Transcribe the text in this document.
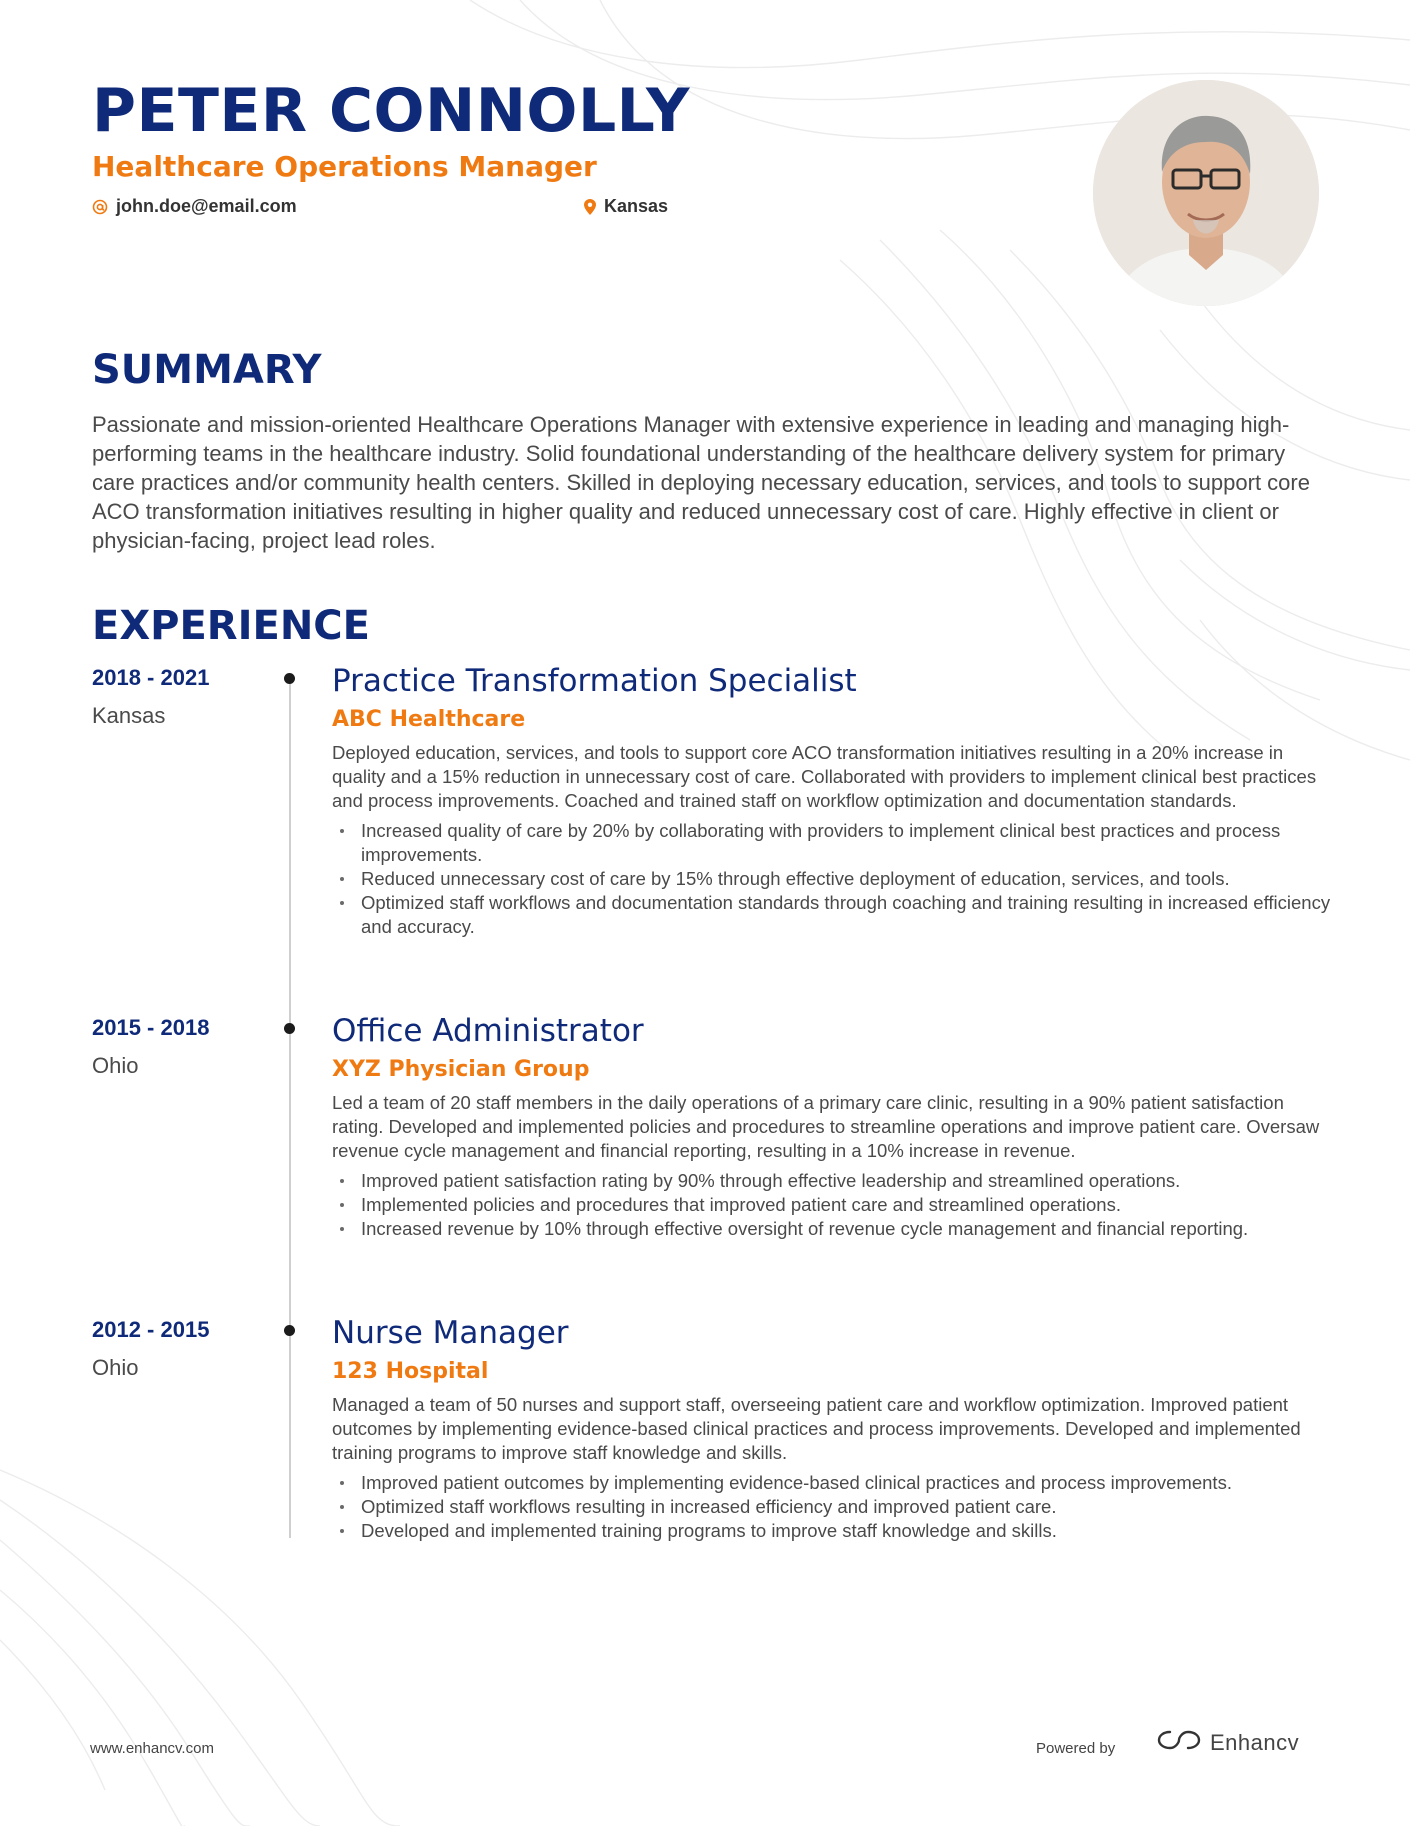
PETER CONNOLLY
Healthcare Operations Manager
john.doe@email.com	Kansas
SUMMARY

Passionate and mission-oriented Healthcare Operations Manager with extensive experience in leading and managing high-performing teams in the healthcare industry. Solid foundational understanding of the healthcare delivery system for primary care practices and/or community health centers. Skilled in deploying necessary education, services, and tools to support core ACO transformation initiatives resulting in higher quality and reduced unnecessary cost of care. Highly effective in client or physician-facing, project lead roles.

EXPERIENCE
2018 - 2021
Kansas
Practice Transformation Specialist
ABC Healthcare

Deployed education, services, and tools to support core ACO transformation initiatives resulting in a 20% increase in quality and a 15% reduction in unnecessary cost of care. Collaborated with providers to implement clinical best practices and process improvements. Coached and trained staff on workflow optimization and documentation standards.

Increased quality of care by 20% by collaborating with providers to implement clinical best practices and process improvements.
Reduced unnecessary cost of care by 15% through effective deployment of education, services, and tools.
Optimized staff workflows and documentation standards through coaching and training resulting in increased efficiency and accuracy.
2015 - 2018
Ohio
Office Administrator
XYZ Physician Group

Led a team of 20 staff members in the daily operations of a primary care clinic, resulting in a 90% patient satisfaction rating. Developed and implemented policies and procedures to streamline operations and improve patient care. Oversaw revenue cycle management and financial reporting, resulting in a 10% increase in revenue.

Improved patient satisfaction rating by 90% through effective leadership and streamlined operations.
Implemented policies and procedures that improved patient care and streamlined operations.
Increased revenue by 10% through effective oversight of revenue cycle management and financial reporting.
2012 - 2015
Ohio
Nurse Manager
123 Hospital

Managed a team of 50 nurses and support staff, overseeing patient care and workflow optimization. Improved patient outcomes by implementing evidence-based clinical practices and process improvements. Developed and implemented training programs to improve staff knowledge and skills.

Improved patient outcomes by implementing evidence-based clinical practices and process improvements.
Optimized staff workflows resulting in increased efficiency and improved patient care.
Developed and implemented training programs to improve staff knowledge and skills.
www.enhancv.com	Powered by	Enhancv
